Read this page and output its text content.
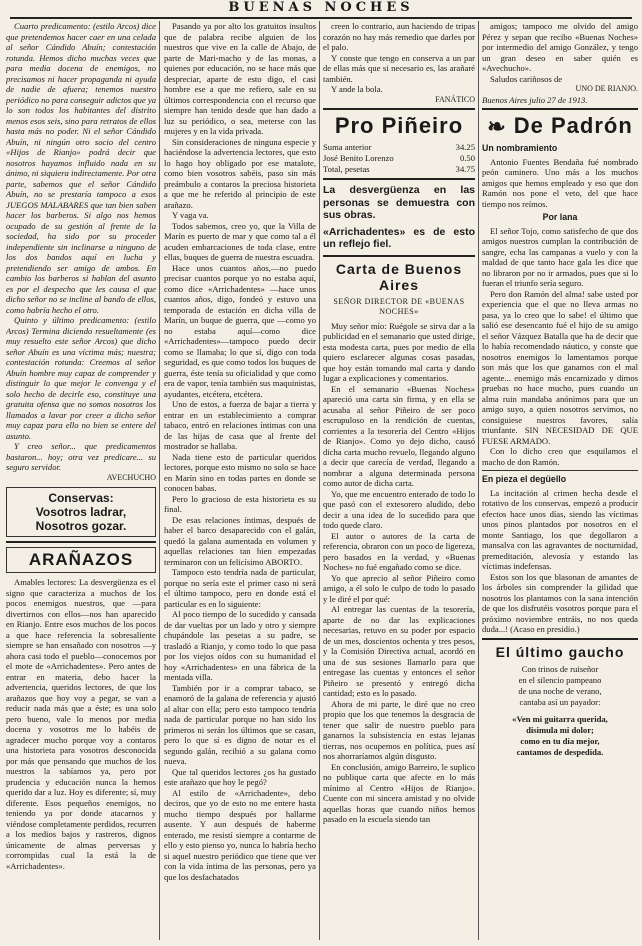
BUENAS NOCHES

Cuarto predicamento: (estilo Arcos) dice que pretendemos hacer caer en una celada al señor Cándido Abuín; contestación rotunda. Hemos dicho muchas veces que para media docena de enemigos, no precisamos ni hacer propaganda ni ayuda de nadie de afuera; tenemos nuestro periódico no para conseguir adictos que ya lo son todos los habitantes del distrito menos esos seis, sino para retratos de ellos hasta más no poder. Ni el señor Cándido Abuín, ni ningún otro socio del centro «Hijos de Rianjo» podrá decir que nosotros hayamos influido nada en su ánimo, ni siquiera indirectamente. Por otra parte, sabemos que el señor Cándido Abuín, no se prestaría tampoco a esos JUEGOS MALABARES que tan bien saben hacer los barberos. Si algo nos hemos ocupado de su gestión al frente de la sociedad, ha sido por su proceder independiente sin inclinarse a ninguno de los dos bandos aquí en lucha y pretendiendo ser amigo de ambos. En cambio los barberos si hablan del asunto es por el despecho que les causa el que dicho señor no se incline al bando de ellos, como habría hecho el otro.

Quinto y último predicamento: (estilo Arcos) Termina diciendo resueltamente (es muy resuelto este señor Arcos) que dicho señor Abuín es una víctima más; nuestra; contestación rotunda: Creemos al señor Abuín hombre muy capaz de comprender y distinguir lo que mejor le convenga y el solo hecho de decirle eso, constituye una gratuita ofensa que no somos nosotros los llamados a lavar por creer a dicho señor muy capaz para ello no bien se entere del asunto.

Y creo señor... que predicamentos bastaron... hoy; otra vez predicare... su seguro servidor.

AVECHUCHO
Conservas:
Vosotros ladrar,
Nosotros gozar.
ARAÑAZOS

Amables lectores: La desvergüenza es el signo que caracteriza a muchos de los pocos enemigos nuestros, que —para divertirnos con ellos—nos han aparecido en Rianjo. Entre esos muchos de los pocos a que hace referencia la sobresaliente siempre se han ensañado con nosotros —y ahora casi todo el pueblo—conocemos por el mote de «Arrichadentes». Pero antes de entrar en materia, debo hacer la advertencia, queridos lectores, de que los arañazos que hoy voy a pegar, se van a reducir nada más que a éste; es una solo pero bueno, vale lo menos por media docena y vosotros me lo habéis de agradecer mucho porque voy a contaros una historieta para vosotros desconocida por más que pensando que muchos de los nuestros la sabíamos ya, pero por prudencia y educación nunca la hemos querido dar a luz. Hoy es diferente; sí, muy diferente. Esos pequeños enemigos, no teniendo ya por donde atacarnos y viéndose completamente perdidos, recurren a los medios bajos y rastreros, dignos únicamente de almas perversas y corrompidas cual la está la de «Arrichadentes».

Pasando ya por alto los gratuitos insultos que de palabra recibe alguien de los nuestros que vive en la calle de Abajo, de parte de Mari-macho y de las monas, a quienes por educación, no se hace más que despreciar, aparte de esto digo, el casi hombre ese a que me refiero, sale en su últimos correspondencia con el recurso que siempre han tenido desde que han dado a luz su periódico, o sea, meterse con las mujeres y en la vida privada.

Sin consideraciones de ninguna especie y haciéndose la advertencia lectores, que esto lo hago hoy obligado por ese matalote, como bien vosotros sabéis, paso sin más preámbulo a contaros la preciosa historieta a que me he referido al principio de este arañazo.

Y vaga va.

Todos sabemos, creo yo, que la Villa de Marín es puerto de mar y que como tal a él acuden embarcaciones de toda clase, entre ellas, buques de guerra de nuestra escuadra.

Hace unos cuantos años,—no puedo precisar cuantos porque yo no estaba aquí, como dice «Arrichadentes» —hace unos cuantos años, digo, fondeó y estuvo una temporada de estación en dicha villa de Marín, un buque de guerra, que —como yo no estaba aquí—como dice «Arrichadentes»—tampoco puedo decir como se llamaba; lo que sí, digo con toda seguridad, es que como todos los buques de guerra, éste tenía su oficialidad y que como era de vapor, tenía también sus maquinistas, ayudantes, etcétera, etcétera.

Uno de estos, a fuerza de bajar a tierra y entrar en un establecimiento a comprar tabaco, entró en relaciones íntimas con una de las hijas de casa que al frente del mostrador se hallaba.

Nada tiene esto de particular queridos lectores, porque esto mismo no solo se hace en Marín sino en todas partes en donde se conocen babas.

Pero lo gracioso de esta historieta es su final.

De esas relaciones íntimas, después de haber el barco desaparecido con el galán, quedó la galana aumentada en volumen y aquellas relaciones tan bien empezadas terminaron con un felicísimo ABORTO.

Tampoco esto tendría nada de particular, porque no sería este el primer caso ni será el último tampoco, pero en donde está el particular es en lo siguiente:

Al poco tiempo de lo sucedido y cansada de dar vueltas por un lado y otro y siempre chupándole las pesetas a su padre, se trasladó a Rianjo, y como todo lo que pasa por los viejos oídos con su humanidad el hoy «Arrichadentes» en una fábrica de la mentada villa.

También por ir a comprar tabaco, se enamoró de la galana de referencia y ajustó al altar con ella; pero esto tampoco tendría nada de particular porque no han sido los primeros ni serán los últimos que se casan, pero lo que sí es digno de notar es el segundo galán, recibió a su galana como nueva.

Que tal queridos lectores ¿os ha gustado este arañazo que hoy le pegó?

Al estilo de «Arrichadente», debo deciros, que yo de esto no me entere hasta mucho tiempo después por hallarme ausente. Y aun después de haberme enterado, me resistí siempre a contarme de ello y esto pienso yo, nunca lo habría hecho si aquel nuestro periódico que tiene que ver con la vida íntima de las personas, pero ya que los desfachatados

creen lo contrario, aun haciendo de tripas corazón no hay más remedio que darles por el palo.

Y conste que tengo en conserva a un par de ellas más que si necesario es, las arañaré también.

Y ande la bola.

FANÁTICO
Pro Piñeiro
Suma anterior	34.25
José Benito Lorenzo	0.50
Total, pesetas	34.75
La desvergüenza en las personas se demuestra con sus obras.
«Arrichadentes» es de esto un reflejo fiel.
Carta de Buenos Aires
SEÑOR DIRECTOR DE «BUENAS NOCHES»

Muy señor mío: Ruégole se sirva dar a la publicidad en el semanario que usted dirige, esta modesta carta, pues por medio de ella quiero esclarecer algunas cosas pasadas, que hoy están tomando mal carta y dando lugar a explicaciones y comentarios.

En el semanario «Buenas Noches» apareció una carta sin firma, y en ella se acusaba al señor Piñeiro de ser poco escrupuloso en la rendición de cuentas, corrientes a la tesorería del Centro «Hijos de Rianjo». Como yo dejo dicho, causó dicha carta mucho revuelo, llegando alguno a decir que carecía de verdad, llegando a nombrar a alguna determinada persona como autor de dicha carta.

Yo, que me encuentro enterado de todo lo que pasó con el extesorero aludido, debo decir a una idea de lo sucedido para que todo quede claro.

El autor o autores de la carta de referencia, obraron con un poco de ligereza, pero basados en la verdad, y «Buenas Noches» no fué engañado como se dice.

Yo que aprecio al señor Piñeiro como amigo, a él solo le culpo de todo lo pasado y le diré el por qué:

Al entregar las cuentas de la tesorería, aparte de no dar las explicaciones necesarias, retuvo en su poder por espacio de un mes, doscientos ochenta y tres pesos, y la Comisión Directiva actual, acordó en una de sus sesiones llamarlo para que entregase las cuentas y entonces el señor Piñeiro se presentó y entregó dicha cantidad; esto es lo pasado.

Ahora de mi parte, le diré que no creo propio que los que tenemos la desgracia de tener que salir de nuestro pueblo para ganarnos la subsistencia en estas lejanas tierras, nos ocupemos en política, pues así nos ahorraríamos algún disgusto.

En conclusión, amigo Barreiro, le suplico no publique carta que afecte en lo más mínimo al Centro «Hijos de Rianjo». Cuente con mi sincera amistad y no olvide aquellas horas que cuando niños hemos pasado en la escuela siendo tan

amigos; tampoco me olvido del amigo Pérez y sepan que recibo «Buenas Noches» por intermedio del amigo González, y tengo un gran deseo en saber quién es «Avechucho».

Saludos cariñosos de

UNO DE RIANJO.
Buenos Aires julio 27 de 1913.
❧ De Padrón
Un nombramiento

Antonio Fuentes Bendaña fué nombrado peón caminero. Uno más a los muchos amigos que hemos empleado y eso que don Ramón nos pone el veto, del que hace tiempo nos reímos.

Por lana

El señor Tojo, como satisfecho de que dos amigos nuestros cumplan la contribución de sangre, echa las campanas a vuelo y con la maldad de que tanto hace gala les dice que no libraron por no ir armados, pues que si lo fueran el triunfo sería seguro.

Pero don Ramón del alma! sabe usted por experiencia que el que no lleva armas no pasa, ya lo creo que lo sabe! el último que salió ese desencanto fué el hijo de su amigo el señor Vázquez Batalla que ha de decir que lo había recomendado náutico, y conste que nosotros enemigos lo lamentamos porque son más que los que ganamos con el mal agente... enemigo más encarnizado y dimos pruebas no hace mucho, pues cuando un alma ruin mandaba anónimos para que un amigo suyo, a quien nosotros servimos, no consiguiese nuestros favores, salía triunfante. SIN NECESIDAD DE QUE FUESE ARMADO.

Con lo dicho creo que esquilamos el macho de don Ramón.

En pieza el degüello

La incitación al crimen hecha desde el rotativo de los conservas, empezó a producir efectos hace unos días, siendo las víctimas unos pinos plantados por nosotros en el monte Santiago, los que degollaron a mansalva con las agravantes de nocturnidad, premeditación, alevosía y estando las víctimas indefensas.

Estos son los que blasonan de amantes de los árboles sin comprender la gilidad que nosotros los plantamos con la sana intención de que los disfrutéis vosotros porque para el próximo noviembre entráis, no nos queda duda...! (Acaso en presidio.)

El último gaucho
Con trinos de ruiseñor
en el silencio pampeano
de una noche de verano,
cantaba así un payador:
«Ven mi guitarra querida,
disimula mi dolor;
como en tu día mejor,
cantamos de despedida.
